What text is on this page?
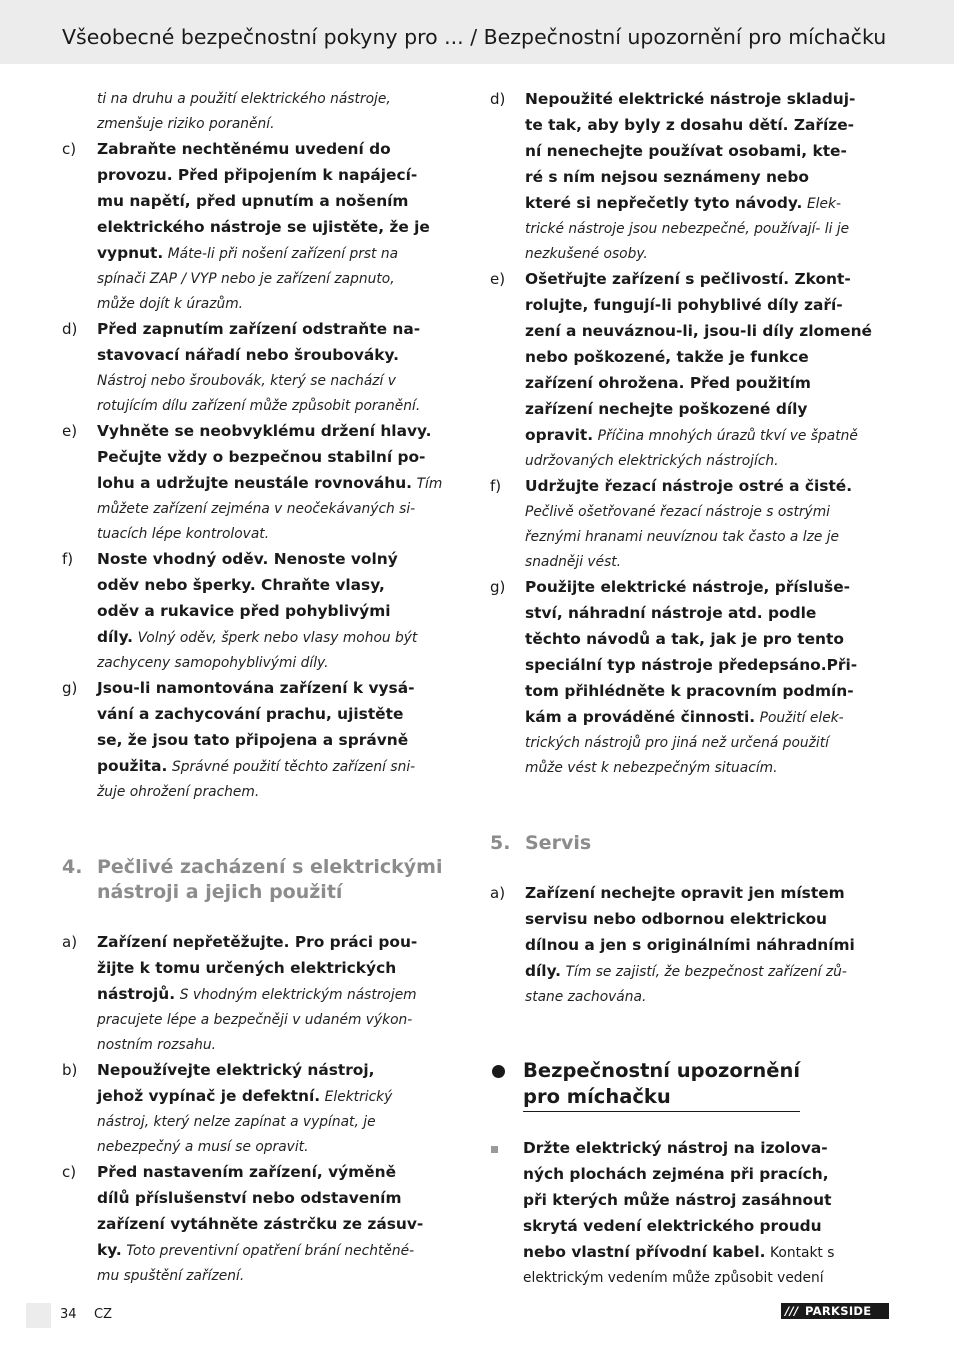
Všeobecné bezpečnostní pokyny pro ... / Bezpečnostní upozornění pro míchačku
ti na druhu a použití elektrického nástroje,
zmenšuje riziko poranění.
c) Zabraňte nechtěnému uvedení do
provozu. Před připojením k napájecí-
mu napětí, před upnutím a nošením
elektrického nástroje se ujistěte, že je
vypnut. Máte-li při nošení zařízení prst na
spínači ZAP / VYP nebo je zařízení zapnuto,
může dojít k úrazům.
d) Před zapnutím zařízení odstraňte na-
stavovací nářadí nebo šroubováky.
Nástroj nebo šroubovák, který se nachází v
rotujícím dílu zařízení může způsobit poranění.
e) Vyhněte se neobvyklému držení hlavy.
Pečujte vždy o bezpečnou stabilní po-
lohu a udržujte neustále rovnováhu. Tím
můžete zařízení zejména v neočekávaných si-
tuacích lépe kontrolovat.
f) Noste vhodný oděv. Nenoste volný
oděv nebo šperky. Chraňte vlasy,
oděv a rukavice před pohyblivými
díly. Volný oděv, šperk nebo vlasy mohou být
zachyceny samopohyblivými díly.
g) Jsou-li namontována zařízení k vysá-
vání a zachycování prachu, ujistěte
se, že jsou tato připojena a správně
použita. Správné použití těchto zařízení sni-
žuje ohrožení prachem.
4. Pečlivé zacházení s elektrickými
nástroji a jejich použití
a) Zařízení nepřetěžujte. Pro práci pou-
žijte k tomu určených elektrických
nástrojů. S vhodným elektrickým nástrojem
pracujete lépe a bezpečněji v udaném výkon-
nostním rozsahu.
b) Nepoužívejte elektrický nástroj,
jehož vypínač je defektní. Elektrický
nástroj, který nelze zapínat a vypínat, je
nebezpečný a musí se opravit.
c) Před nastavením zařízení, výměně
dílů příslušenství nebo odstavením
zařízení vytáhněte zástrčku ze zásuv-
ky. Toto preventivní opatření brání nechtěné-
mu spuštění zařízení.
d) Nepoužité elektrické nástroje skladuj-
te tak, aby byly z dosahu dětí. Zaříze-
ní nenechejte používat osobami, kte-
ré s ním nejsou seznámeny nebo
které si nepřečetly tyto návody. Elek-
trické nástroje jsou nebezpečné, používají- li je
nezkušené osoby.
e) Ošetřujte zařízení s pečlivostí. Zkont-
rolujte, fungují-li pohyblivé díly zaří-
zení a neuváznou-li, jsou-li díly zlomené
nebo poškozené, takže je funkce
zařízení ohrožena. Před použitím
zařízení nechejte poškozené díly
opravit. Příčina mnohých úrazů tkví ve špatně
udržovaných elektrických nástrojích.
f) Udržujte řezací nástroje ostré a čisté.
Pečlivě ošetřované řezací nástroje s ostrými
řeznými hranami neuvíznou tak často a lze je
snadněji vést.
g) Použijte elektrické nástroje, přísluše-
ství, náhradní nástroje atd. podle
těchto návodů a tak, jak je pro tento
speciální typ nástroje předepsáno.Při-
tom přihlédněte k pracovním podmín-
kám a prováděné činnosti. Použití elek-
trických nástrojů pro jiná než určená použití
může vést k nebezpečným situacím.
5. Servis
a) Zařízení nechejte opravit jen místem
servisu nebo odbornou elektrickou
dílnou a jen s originálními náhradními
díly. Tím se zajistí, že bezpečnost zařízení zů-
stane zachována.
Bezpečnostní upozornění
pro míchačku
Držte elektrický nástroj na izolova-
ných plochách zejména při pracích,
při kterých může nástroj zasáhnout
skrytá vedení elektrického proudu
nebo vlastní přívodní kabel. Kontakt s
elektrickým vedením může způsobit vedení
34 CZ	/// PARKSIDE
